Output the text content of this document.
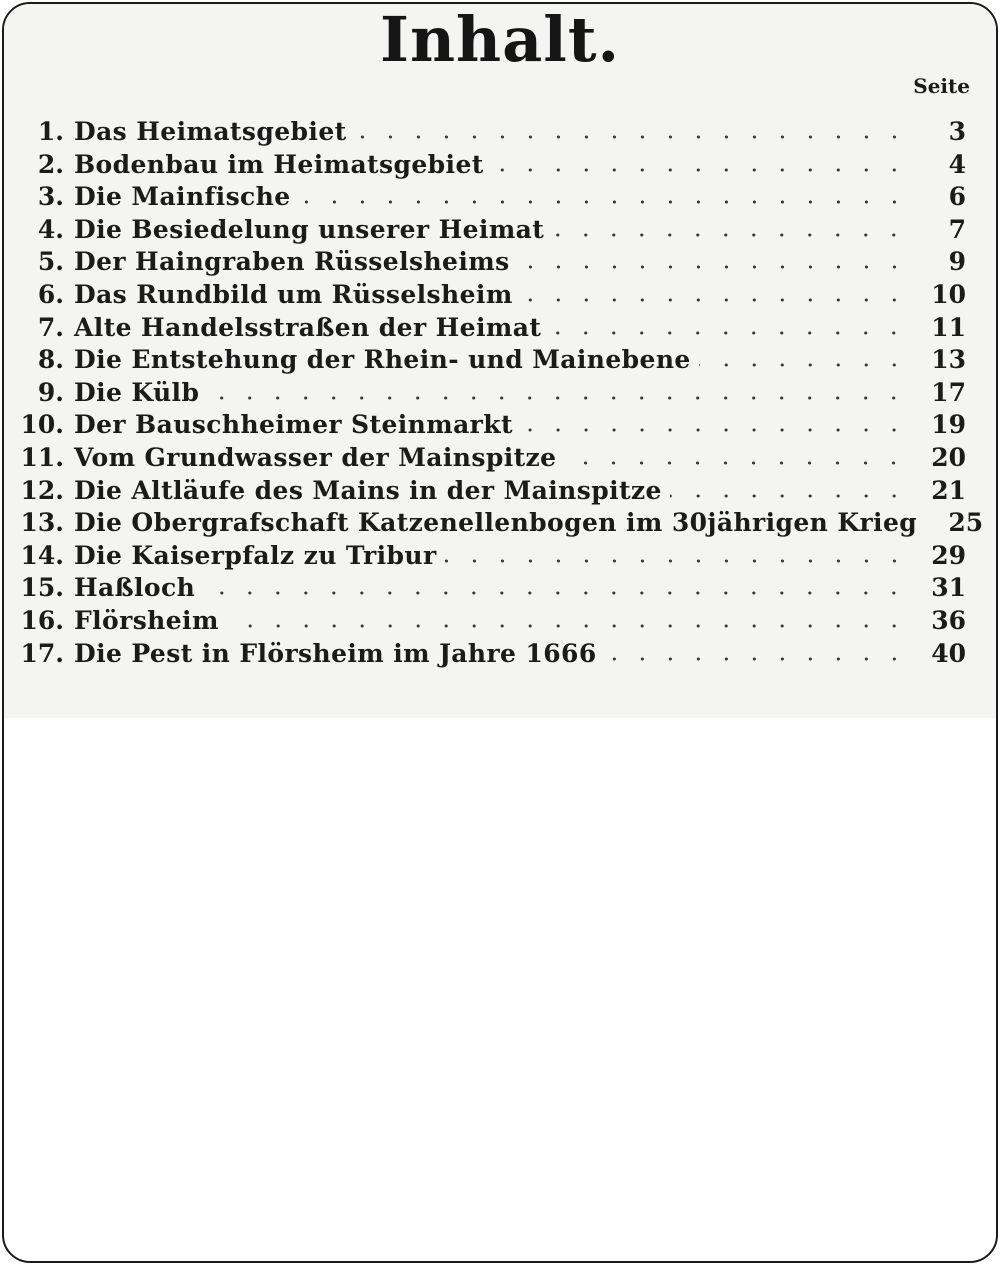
Inhalt.
Seite
1. Das Heimatsgebiet	3
2. Bodenbau im Heimatsgebiet	4
3. Die Mainfische	6
4. Die Besiedelung unserer Heimat	7
5. Der Haingraben Rüsselsheims	9
6. Das Rundbild um Rüsselsheim	10
7. Alte Handelsstraßen der Heimat	11
8. Die Entstehung der Rhein- und Mainebene	13
9. Die Külb	17
10. Der Bauschheimer Steinmarkt	19
11. Vom Grundwasser der Mainspitze	20
12. Die Altläufe des Mains in der Mainspitze	21
13. Die Obergrafschaft Katzenellenbogen im 30jährigen Krieg 25
14. Die Kaiserpfalz zu Tribur	29
15. Haßloch	31
16. Flörsheim	36
17. Die Pest in Flörsheim im Jahre 1666	40
